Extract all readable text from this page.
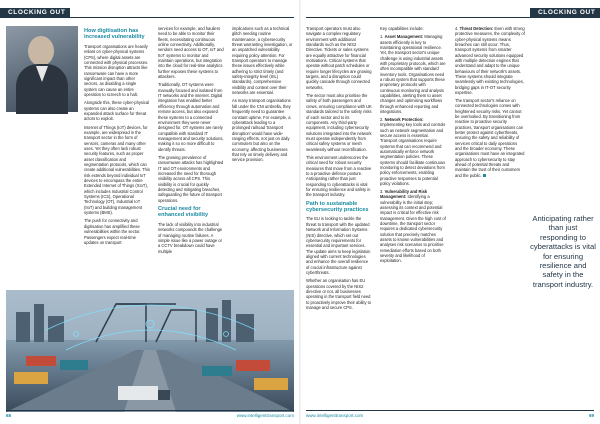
CLOCKING OUT
Andrew Girault, General Manager, EMEA, at Claroty
How digitisation has increased vulnerability

Transport organisations are heavily reliant on cyber-physical systems (CPS), where digital assets are connected with physical processes. This mission disruption attracts like ransomware can have a more significant impact than other sectors, as disabling a single system can cause an entire operation to screech to a halt.

Alongside this, these cyber-physical systems can also create an expanded attack surface for threat actors to exploit.

Internet of Things (IoT) devices, for example, are widespread in the transport sector in the form of sensors, cameras and many other uses. Yet they often lack robust security features, such as proper asset classification and segmentation protocols, which can create additional vulnerabilities. This risk extends beyond individual IoT devices to encompass the entire Extended Internet of Things (XIoT), which includes Industrial Control Systems (ICS), Operational Technology (OT), Industrial IoT (IIoT) and building management systems (BMS).

The push for connectivity and digitisation has amplified these vulnerabilities within the sector. Passengers expect real-time updates on transport

services for example, and hauliers need to be able to monitor their fleets, necessitating continuous online connectivity. Additionally, vendors need access to OT, IoT and IIoT systems to monitor and maintain operations, but integration into the cloud for real-time analytics further exposes these systems to attackers.

Traditionally, OT systems were manually focused and isolated from IT networks and the internet. Digital integration has enabled better efficiency through automation and remote access, but also exposed these systems to a connected environment they were never designed for. OT systems are rarely compatible with standard IT management and security solutions, making it so no more difficult to identify threats.

The growing prevalence of ransomware attacks has highlighted IT and OT environments and increased the need for thorough visibility across all CPS. This visibility is crucial for quickly detecting and mitigating breaches, safeguarding the future of transport operations.

Crucial need for enhanced visibility

The lack of visibility into industrial networks compounds the challenge of managing routine failures. A simple issue like a power outage or a CCTV breakdown could have multiple

implications such as a technical glitch needing routine maintenance, a cybersecurity threat warranting investigation, or an unpatched vulnerability requiring policy attention. For transport operators to manage these issues effectively while adhering to strict timely (and safety-integrity level (SIL) standards), comprehensive visibility and context over their networks are essential.

As many transport organisations fall under the CNI umbrella, they frequently need to guarantee constant uptime. For example, a cyberattack leading to a prolonged railroad 'transport disruption' would have wide-ranging effects, not just on daily commuters but also on the economy, affecting businesses that rely on timely delivery and service provision.

68	www.intelligenttransport.com
CLOCKING OUT

Transport operators must also navigate a complex regulatory environment with additional standards such as the NIS2 Directive. Tickets or sales systems are equally attractive for financial motivations. Critical systems that operate without patch schedules or require longer lifecycles are growing targets, and a disruption could quickly cascade through connected networks.

The sector must also prioritise the safety of both passengers and crews, ensuring compliance with UK standards tailored to the safety risks of each sector and to its components. Any third-party equipment, including cybersecurity solutions integrated into the network must operate independently from critical safety systems or mesh seamlessly without recertification.

This environment underscores the critical need for robust security measures that move from a reactive to a proactive defence posture. Anticipating rather than just responding to cyberattacks is vital for ensuring resilience and safety in the transport industry.

Path to sustainable cybersecurity practices

The EU is looking to tackle the threat to transport with the updated Network and Information Systems (NIS) directive, which set out cybersecurity requirements for essential and important services. The update aims to keep legislation aligned with current technologies and enhance the overall resilience of crucial infrastructure against cyberthreats.

Whether an organisation has EU operations covered by the NIS2 directive or not, all businesses operating in the transport field need to proactively improve their ability to manage and secure CPS.

Key capabilities include:

1. Asset Management: Managing assets efficiently is key to maintaining operational resilience. Yet, the transport sector's unique challenge is using industrial assets with proprietary protocols, which are often incompatible with standard inventory tools. Organisations need a robust system that supports these proprietary protocols with continuous monitoring and analysis capabilities, alerting them to asset changes and optimising workflows through enhanced reporting and integrations.
2. Network Protection: Implementing key tools and controls such as network segmentation and secure access is essential. Transport organisations require systems that can recommend and automatically enforce network segmentation policies. These systems should facilitate continuous monitoring to detect deviations from policy enforcements, enabling proactive responses to potential policy violations.
3. Vulnerability and Risk Management: Identifying a vulnerability is the initial step; assessing its context and potential impact is critical for effective risk management. Given the high cost of downtime, the transport sector requires a dedicated cybersecurity solution that precisely matches assets to known vulnerabilities and analyses risk scenarios to prioritise remediation efforts based on both severity and likelihood of exploitation.
4. Threat Detection: Even with strong protective measures, the complexity of cyber-physical systems means breaches can still occur. Thus, transport systems from smarter advanced security solutions equipped with multiple detection engines that understand and adapt to the unique behaviours of their network's assets. These systems should integrate seamlessly with existing technologies, bridging gaps in IT-OT security expertise.

The transport sector's reliance on connected technologies comes with heightened security risks. Yet cannot be overlooked. By transitioning from reactive to proactive security practices, transport organisations can better protect against cyberthreats, ensuring the safety and reliability of services critical to daily operations and the broader economy. These organisations must have an integrated approach to cybersecurity to stay ahead of potential threats and maintain the trust of their customers and the public.

Anticipating rather than just responding to cyberattacks is vital for ensuring resilience and safety in the transport industry.
www.intelligenttransport.com	69
